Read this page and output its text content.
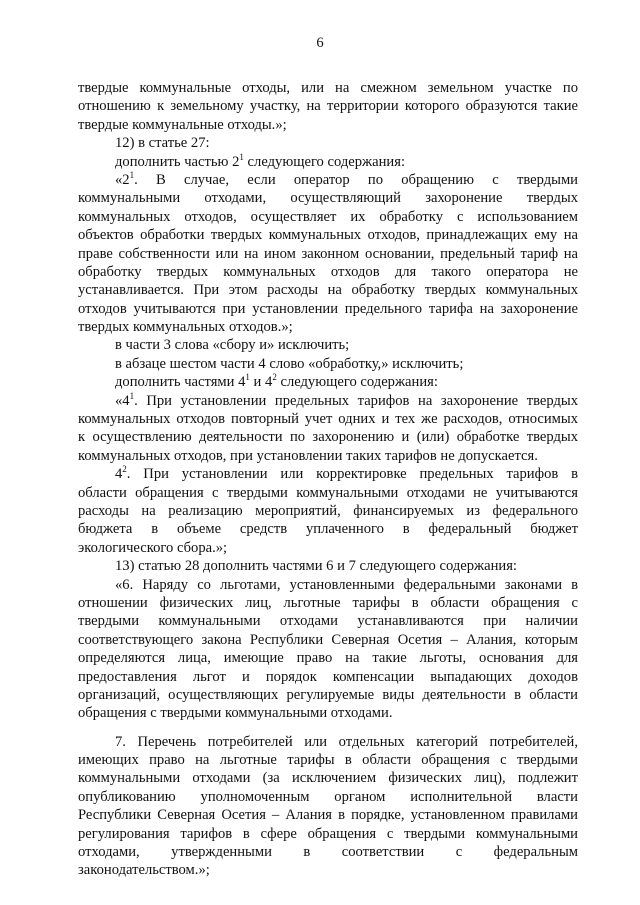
6
твердые коммунальные отходы, или на смежном земельном участке по
отношению к земельному участку, на территории которого образуются такие
твердые коммунальные отходы.»;
12) в статье 27:
дополнить частью $2^1$ следующего содержания:
«$2^1$. В случае, если оператор по обращению с твердыми
коммунальными отходами, осуществляющий захоронение твердых
коммунальных отходов, осуществляет их обработку с использованием
объектов обработки твердых коммунальных отходов, принадлежащих ему на
праве собственности или на ином законном основании, предельный тариф на
обработку твердых коммунальных отходов для такого оператора не
устанавливается. При этом расходы на обработку твердых коммунальных
отходов учитываются при установлении предельного тарифа на захоронение
твердых коммунальных отходов.»;
в части 3 слова «сбору и» исключить;
в абзаце шестом части 4 слово «обработку,» исключить;
дополнить частями $4^1$ и $4^2$ следующего содержания:
«$4^1$. При установлении предельных тарифов на захоронение твердых
коммунальных отходов повторный учет одних и тех же расходов, относимых
к осуществлению деятельности по захоронению и (или) обработке твердых
коммунальных отходов, при установлении таких тарифов не допускается.
$4^2$. При установлении или корректировке предельных тарифов в
области обращения с твердыми коммунальными отходами не учитываются
расходы на реализацию мероприятий, финансируемых из федерального
бюджета в объеме средств уплаченного в федеральный бюджет
экологического сбора.»;
13) статью 28 дополнить частями 6 и 7 следующего содержания:
«6. Наряду со льготами, установленными федеральными законами в
отношении физических лиц, льготные тарифы в области обращения с
твердыми коммунальными отходами устанавливаются при наличии
соответствующего закона Республики Северная Осетия – Алания, которым
определяются лица, имеющие право на такие льготы, основания для
предоставления льгот и порядок компенсации выпадающих доходов
организаций, осуществляющих регулируемые виды деятельности в области
обращения с твердыми коммунальными отходами.
7. Перечень потребителей или отдельных категорий потребителей,
имеющих право на льготные тарифы в области обращения с твердыми
коммунальными отходами (за исключением физических лиц), подлежит
опубликованию уполномоченным органом исполнительной власти
Республики Северная Осетия – Алания в порядке, установленном правилами
регулирования тарифов в сфере обращения с твердыми коммунальными
отходами, утвержденными в соответствии с федеральным
законодательством.»;
